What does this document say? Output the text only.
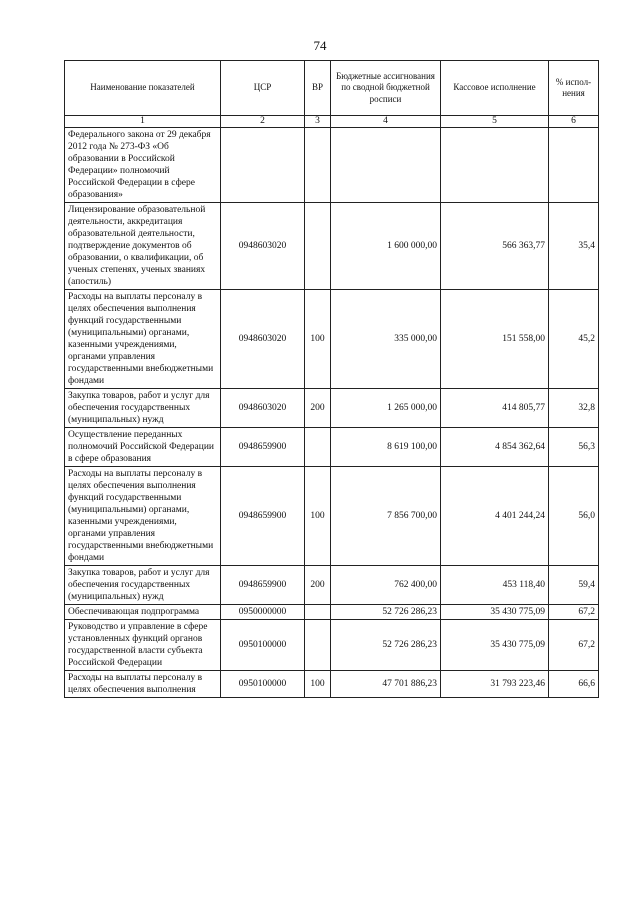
74
Наименование показателей	ЦСР	ВР	Бюджетные ассигнования по сводной бюджетной росписи	Кассовое исполнение	% испол-нения
1	2	3	4	5	6
Федерального закона от 29 декабря 2012 года № 273-ФЗ «Об образовании в Российской Федерации» полномочий Российской Федерации в сфере образования»					
Лицензирование образовательной деятельности, аккредитация образовательной деятельности, подтверждение документов об образовании, о квалификации, об ученых степенях, ученых званиях (апостиль)	0948603020		1 600 000,00	566 363,77	35,4
Расходы на выплаты персоналу в целях обеспечения выполнения функций государственными (муниципальными) органами, казенными учреждениями, органами управления государственными внебюджетными фондами	0948603020	100	335 000,00	151 558,00	45,2
Закупка товаров, работ и услуг для обеспечения государственных (муниципальных) нужд	0948603020	200	1 265 000,00	414 805,77	32,8
Осуществление переданных полномочий Российской Федерации в сфере образования	0948659900		8 619 100,00	4 854 362,64	56,3
Расходы на выплаты персоналу в целях обеспечения выполнения функций государственными (муниципальными) органами, казенными учреждениями, органами управления государственными внебюджетными фондами	0948659900	100	7 856 700,00	4 401 244,24	56,0
Закупка товаров, работ и услуг для обеспечения государственных (муниципальных) нужд	0948659900	200	762 400,00	453 118,40	59,4
Обеспечивающая подпрограмма	0950000000		52 726 286,23	35 430 775,09	67,2
Руководство и управление в сфере установленных функций органов государственной власти субъекта Российской Федерации	0950100000		52 726 286,23	35 430 775,09	67,2
Расходы на выплаты персоналу в целях обеспечения выполнения	0950100000	100	47 701 886,23	31 793 223,46	66,6
